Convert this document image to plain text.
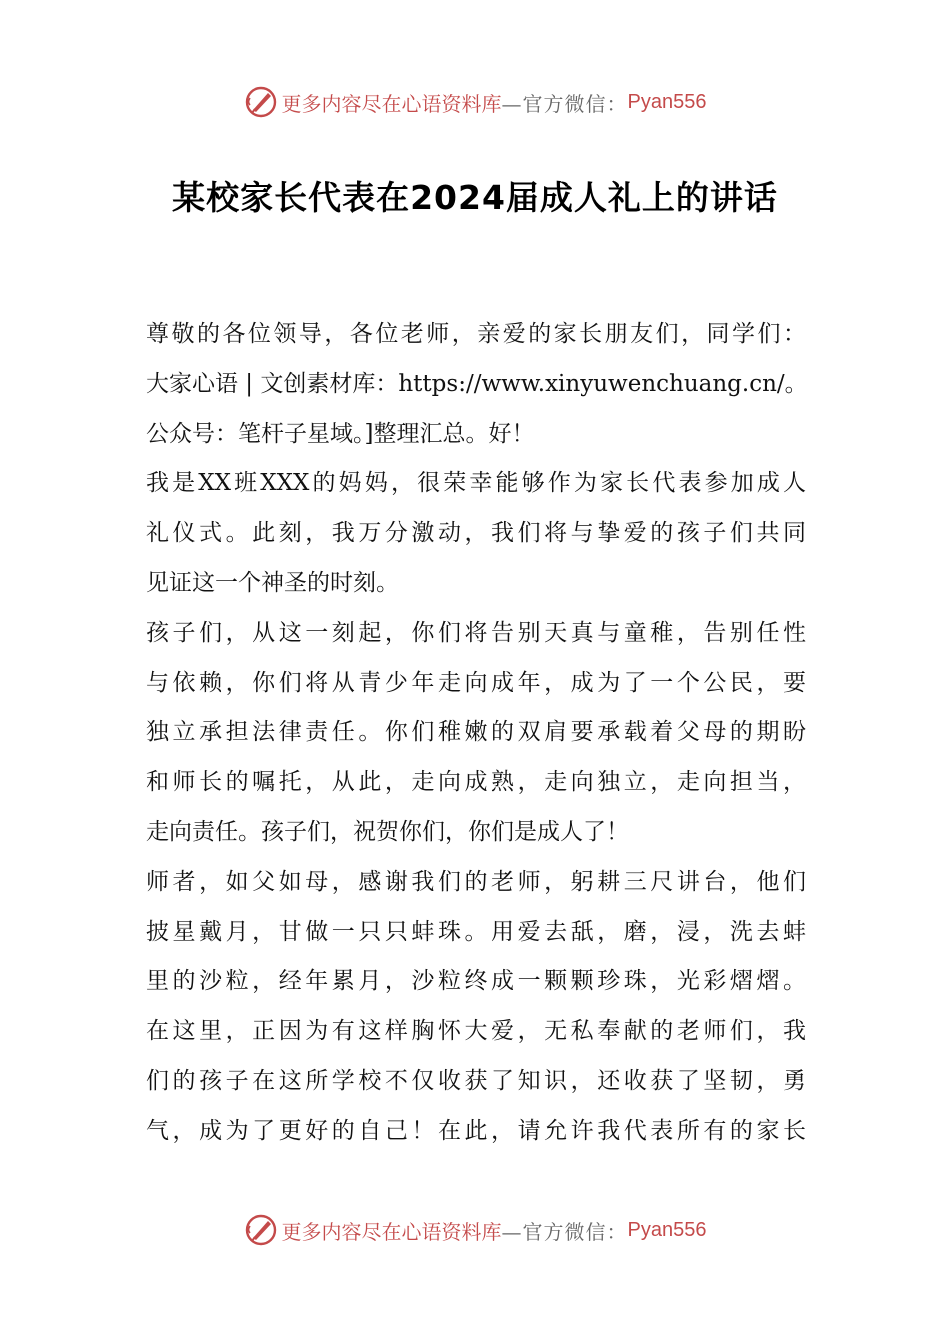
更多内容尽在心语资料库 —官方微信： Pyan556
某校家长代表在2024届成人礼上的讲话
尊敬的各位领导，各位老师，亲爱的家长朋友们，同学们：
大家心语 | 文创素材库：https://www.xinyuwenchuang.cn/。
公众号：笔杆子星域。]整理汇总。好！
我是XX班XXX的妈妈，很荣幸能够作为家长代表参加成人
礼仪式。此刻，我万分激动，我们将与挚爱的孩子们共同
见证这一个神圣的时刻。
孩子们，从这一刻起，你们将告别天真与童稚，告别任性
与依赖，你们将从青少年走向成年，成为了一个公民，要
独立承担法律责任。你们稚嫩的双肩要承载着父母的期盼
和师长的嘱托，从此，走向成熟，走向独立，走向担当，
走向责任。孩子们，祝贺你们，你们是成人了！
师者，如父如母，感谢我们的老师，躬耕三尺讲台，他们
披星戴月，甘做一只只蚌珠。用爱去舐，磨，浸，洗去蚌
里的沙粒，经年累月，沙粒终成一颗颗珍珠，光彩熠熠。
在这里，正因为有这样胸怀大爱，无私奉献的老师们，我
们的孩子在这所学校不仅收获了知识，还收获了坚韧，勇
气，成为了更好的自己！在此，请允许我代表所有的家长
更多内容尽在心语资料库 —官方微信： Pyan556
